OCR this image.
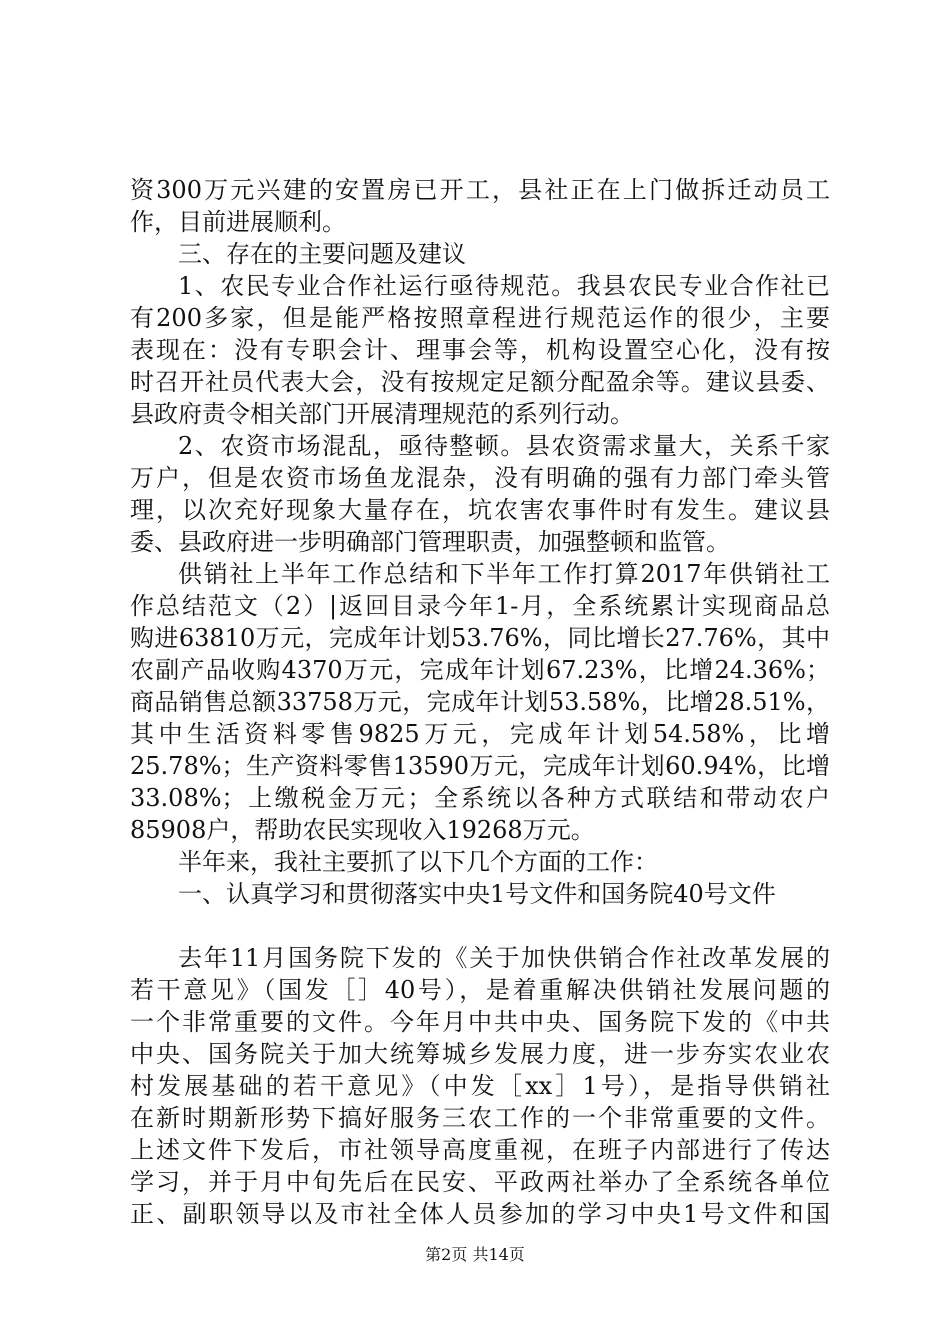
资300万元兴建的安置房已开工，县社正在上门做拆迁动员工
作，目前进展顺利。
三、存在的主要问题及建议
1、农民专业合作社运行亟待规范。我县农民专业合作社已
有200多家，但是能严格按照章程进行规范运作的很少，主要
表现在：没有专职会计、理事会等，机构设置空心化，没有按
时召开社员代表大会，没有按规定足额分配盈余等。建议县委、
县政府责令相关部门开展清理规范的系列行动。
2、农资市场混乱，亟待整顿。县农资需求量大，关系千家
万户，但是农资市场鱼龙混杂，没有明确的强有力部门牵头管
理，以次充好现象大量存在，坑农害农事件时有发生。建议县
委、县政府进一步明确部门管理职责，加强整顿和监管。
供销社上半年工作总结和下半年工作打算2017年供销社工
作总结范文（2）|返回目录今年1-月，全系统累计实现商品总
购进63810万元，完成年计划53.76%，同比增长27.76%，其中
农副产品收购4370万元，完成年计划67.23%，比增24.36%；
商品销售总额33758万元，完成年计划53.58%，比增28.51%，
其中生活资料零售9825万元，完成年计划54.58%，比增
25.78%；生产资料零售13590万元，完成年计划60.94%，比增
33.08%；上缴税金万元；全系统以各种方式联结和带动农户
85908户，帮助农民实现收入19268万元。
半年来，我社主要抓了以下几个方面的工作：
一、认真学习和贯彻落实中央1号文件和国务院40号文件
去年11月国务院下发的《关于加快供销合作社改革发展的
若干意见》（国发［］40号），是着重解决供销社发展问题的
一个非常重要的文件。今年月中共中央、国务院下发的《中共
中央、国务院关于加大统筹城乡发展力度，进一步夯实农业农
村发展基础的若干意见》（中发［xx］1号），是指导供销社
在新时期新形势下搞好服务三农工作的一个非常重要的文件。
上述文件下发后，市社领导高度重视，在班子内部进行了传达
学习，并于月中旬先后在民安、平政两社举办了全系统各单位
正、副职领导以及市社全体人员参加的学习中央1号文件和国
第2页 共14页
